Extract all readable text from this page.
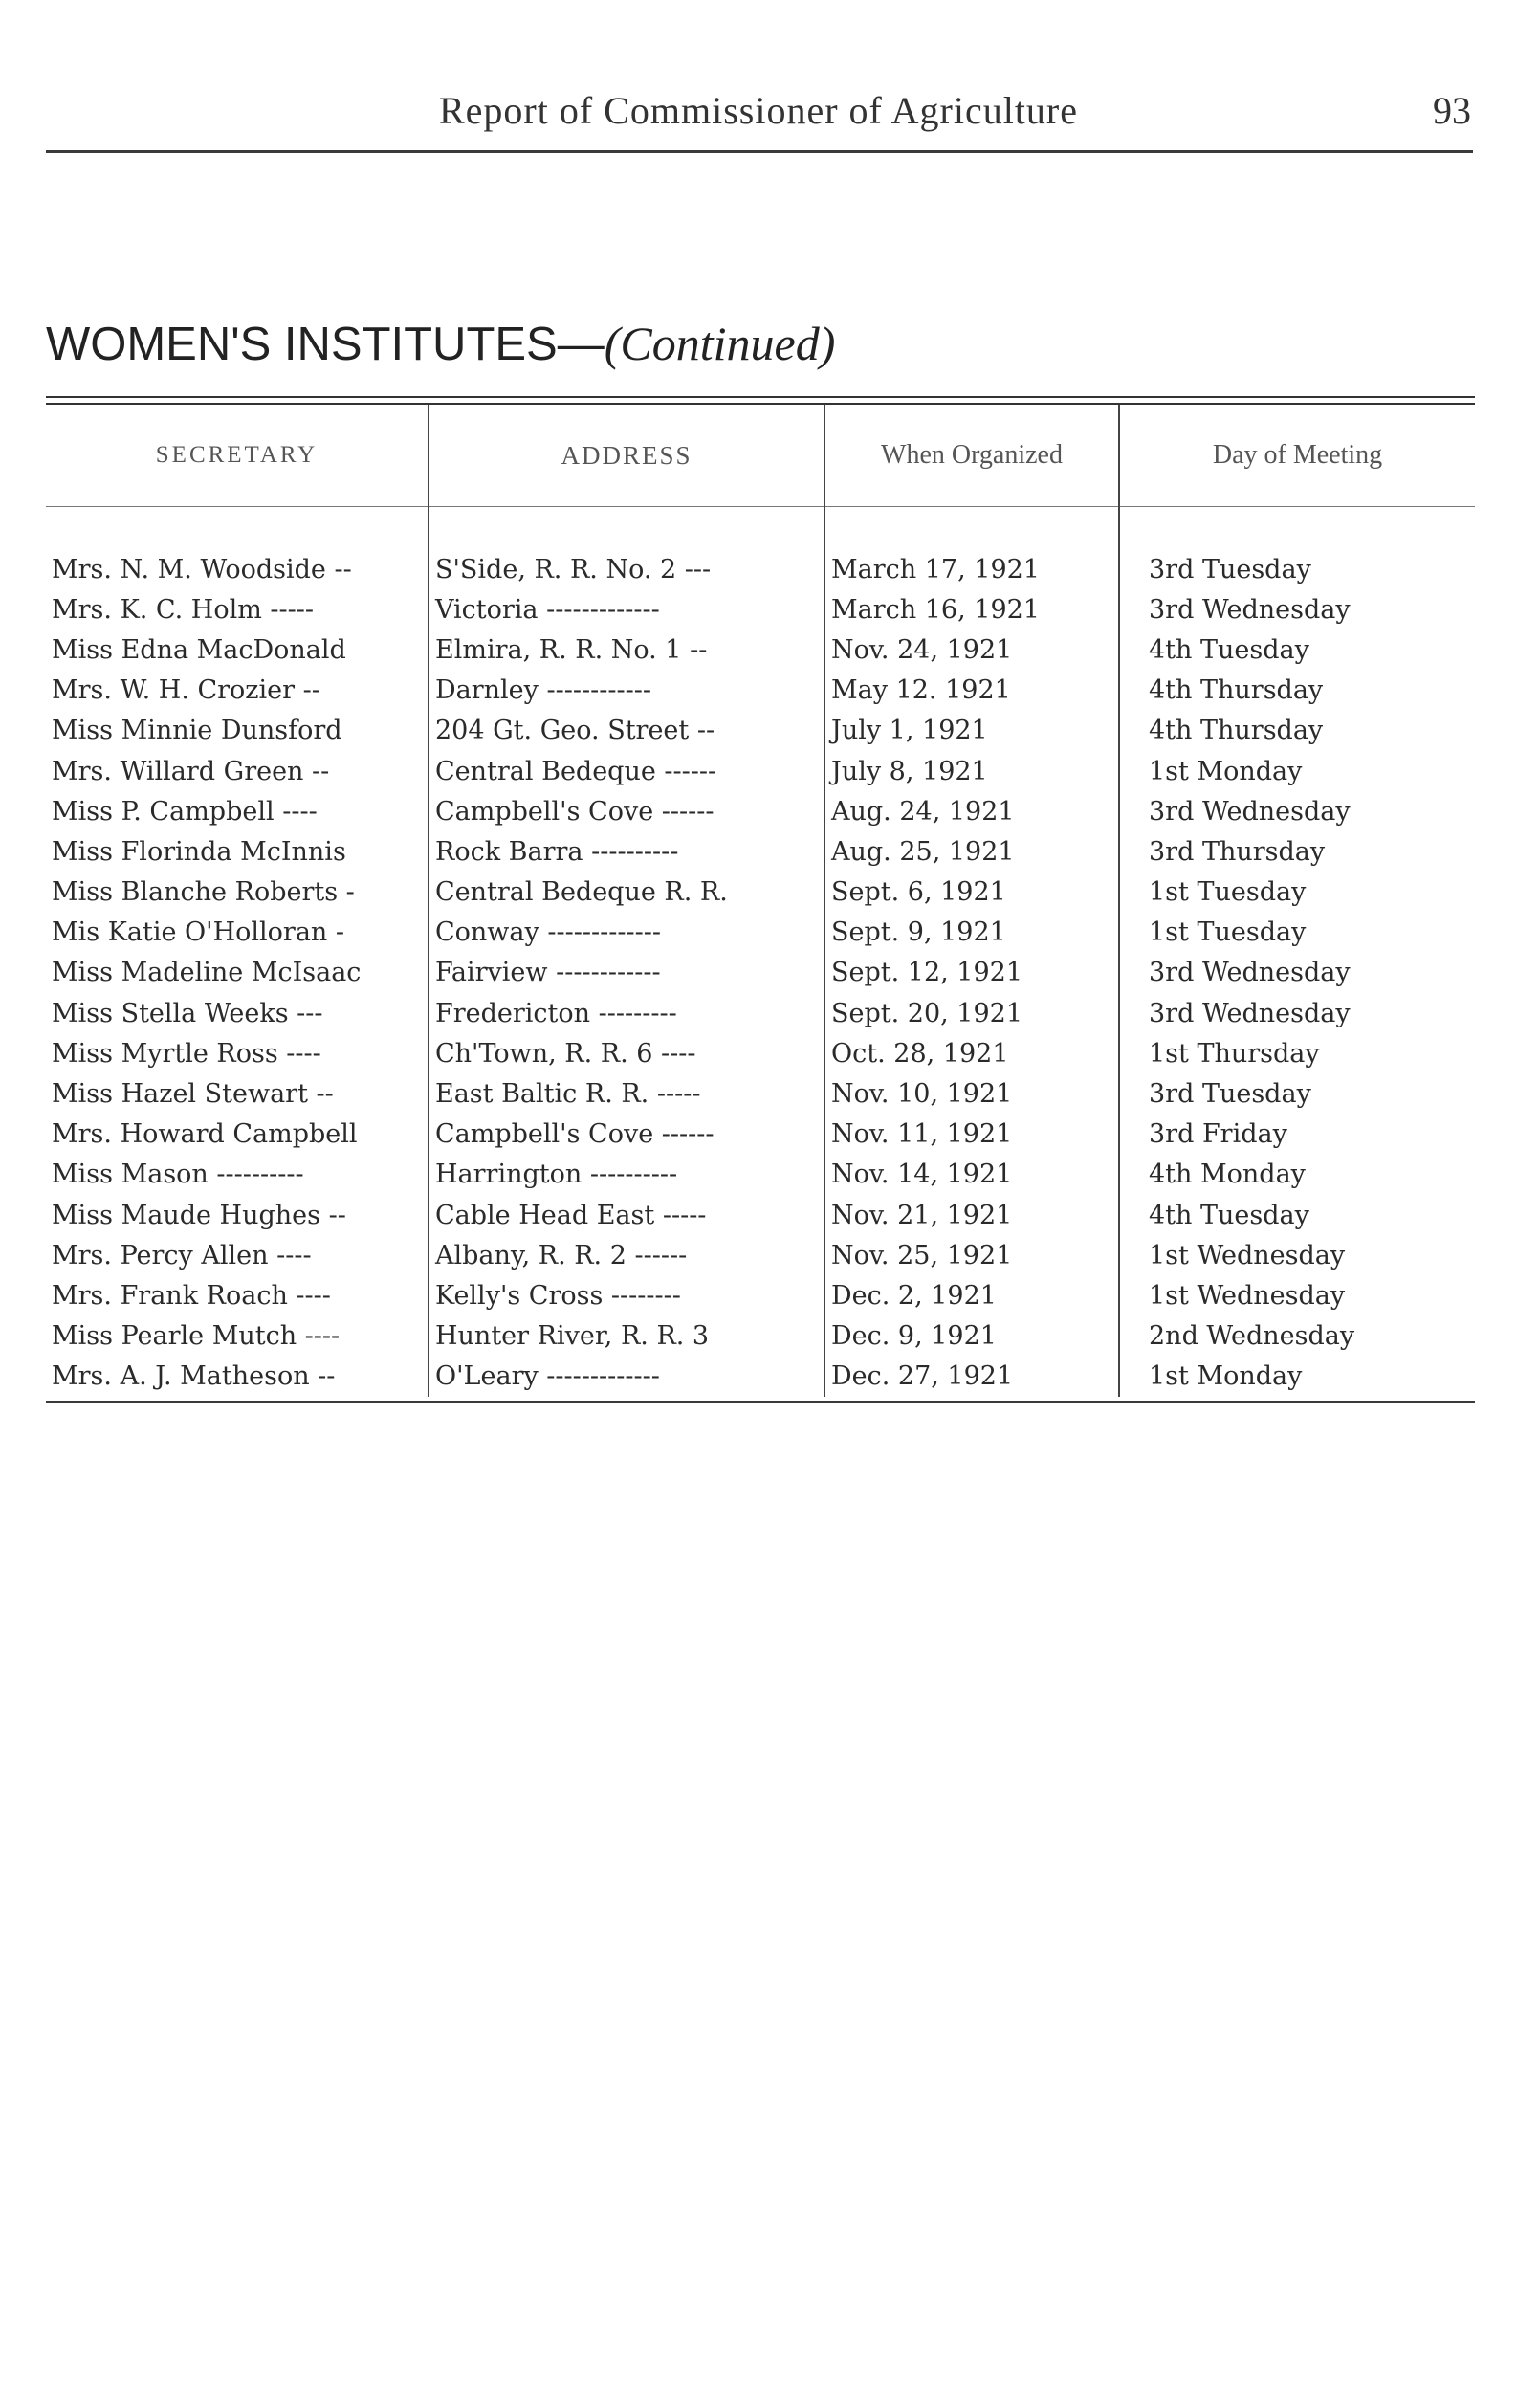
Report of Commissioner of Agriculture	93
WOMEN'S INSTITUTES—(Continued)
SECRETARY	ADDRESS	When Organized	Day of Meeting

Mrs. N. M. Woodside --	S'Side, R. R. No. 2 ---	March 17, 1921	3rd Tuesday
Mrs. K. C. Holm -----	Victoria -------------	March 16, 1921	3rd Wednesday
Miss Edna MacDonald	Elmira, R. R. No. 1 --	Nov. 24, 1921	4th Tuesday
Mrs. W. H. Crozier --	Darnley ------------	May 12. 1921	4th Thursday
Miss Minnie Dunsford	204 Gt. Geo. Street --	July 1, 1921	4th Thursday
Mrs. Willard Green --	Central Bedeque ------	July 8, 1921	1st Monday
Miss P. Campbell ----	Campbell's Cove ------	Aug. 24, 1921	3rd Wednesday
Miss Florinda McInnis	Rock Barra ----------	Aug. 25, 1921	3rd Thursday
Miss Blanche Roberts -	Central Bedeque R. R.	Sept. 6, 1921	1st Tuesday
Mis Katie O'Holloran -	Conway -------------	Sept. 9, 1921	1st Tuesday
Miss Madeline McIsaac	Fairview ------------	Sept. 12, 1921	3rd Wednesday
Miss Stella Weeks ---	Fredericton ---------	Sept. 20, 1921	3rd Wednesday
Miss Myrtle Ross ----	Ch'Town, R. R. 6 ----	Oct. 28, 1921	1st Thursday
Miss Hazel Stewart --	East Baltic R. R. -----	Nov. 10, 1921	3rd Tuesday
Mrs. Howard Campbell	Campbell's Cove ------	Nov. 11, 1921	3rd Friday
Miss Mason ----------	Harrington ----------	Nov. 14, 1921	4th Monday
Miss Maude Hughes --	Cable Head East -----	Nov. 21, 1921	4th Tuesday
Mrs. Percy Allen ----	Albany, R. R. 2 ------	Nov. 25, 1921	1st Wednesday
Mrs. Frank Roach ----	Kelly's Cross --------	Dec. 2, 1921	1st Wednesday
Miss Pearle Mutch ----	Hunter River, R. R. 3	Dec. 9, 1921	2nd Wednesday
Mrs. A. J. Matheson --	O'Leary -------------	Dec. 27, 1921	1st Monday
